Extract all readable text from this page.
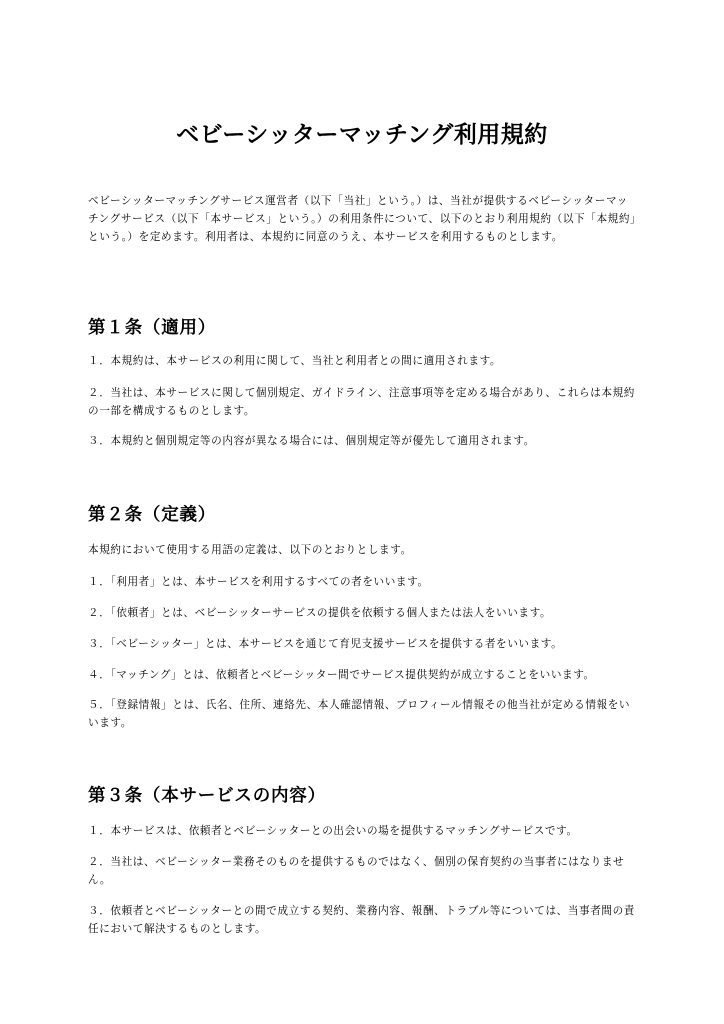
ベビーシッターマッチング利用規約

ベビーシッターマッチングサービス運営者（以下「当社」という。）は、当社が提供するベビーシッターマッチングサービス（以下「本サービス」という。）の利用条件について、以下のとおり利用規約（以下「本規約」という。）を定めます。利用者は、本規約に同意のうえ、本サービスを利用するものとします。

第１条（適用）

１．本規約は、本サービスの利用に関して、当社と利用者との間に適用されます。

２．当社は、本サービスに関して個別規定、ガイドライン、注意事項等を定める場合があり、これらは本規約の一部を構成するものとします。

３．本規約と個別規定等の内容が異なる場合には、個別規定等が優先して適用されます。

第２条（定義）

本規約において使用する用語の定義は、以下のとおりとします。

１．「利用者」とは、本サービスを利用するすべての者をいいます。

２．「依頼者」とは、ベビーシッターサービスの提供を依頼する個人または法人をいいます。

３．「ベビーシッター」とは、本サービスを通じて育児支援サービスを提供する者をいいます。

４．「マッチング」とは、依頼者とベビーシッター間でサービス提供契約が成立することをいいます。

５．「登録情報」とは、氏名、住所、連絡先、本人確認情報、プロフィール情報その他当社が定める情報をいいます。

第３条（本サービスの内容）

１．本サービスは、依頼者とベビーシッターとの出会いの場を提供するマッチングサービスです。

２．当社は、ベビーシッター業務そのものを提供するものではなく、個別の保育契約の当事者にはなりません。

３．依頼者とベビーシッターとの間で成立する契約、業務内容、報酬、トラブル等については、当事者間の責任において解決するものとします。
